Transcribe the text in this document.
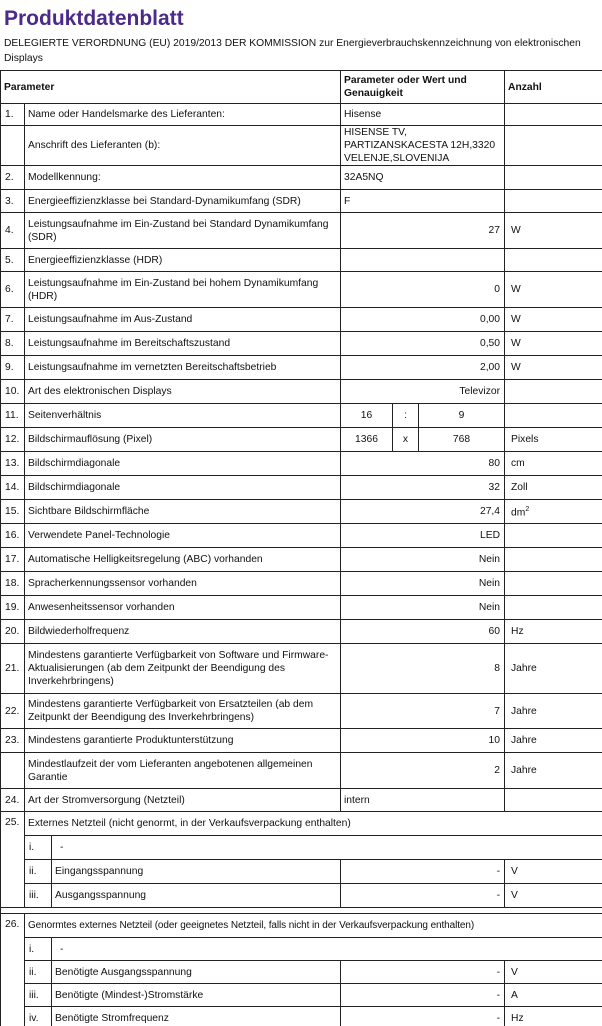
Produktdatenblatt
DELEGIERTE VERORDNUNG (EU) 2019/2013 DER KOMMISSION zur Energieverbrauchskennzeichnung von elektronischen Displays
Parameter			Parameter oder Wert und Genauigkeit			Anzahl
1.	Name oder Handelsmarke des Lieferanten:		Hisense			
	Anschrift des Lieferanten (b):		HISENSE TV, PARTIZANSKACESTA 12H,3320 VELENJE,SLOVENIJA			
2.	Modellkennung:		32A5NQ			
3.	Energieeffizienzklasse bei Standard-Dynamikumfang (SDR)		F			
4.	Leistungsaufnahme im Ein-Zustand bei Standard Dynamikumfang (SDR)		27			W
5.	Energieeffizienzklasse (HDR)					
6.	Leistungsaufnahme im Ein-Zustand bei hohem Dynamikumfang (HDR)		0			W
7.	Leistungsaufnahme im Aus-Zustand		0,00			W
8.	Leistungsaufnahme im Bereitschaftszustand		0,50			W
9.	Leistungsaufnahme im vernetzten Bereitschaftsbetrieb		2,00			W
10.	Art des elektronischen Displays		Televizor			
11.	Seitenverhältnis		16	:	9	
12.	Bildschirmauflösung (Pixel)		1366	x	768	Pixels
13.	Bildschirmdiagonale		80			cm
14.	Bildschirmdiagonale		32			Zoll
15.	Sichtbare Bildschirmfläche		27,4			$dm^2$
16.	Verwendete Panel-Technologie		LED			
17.	Automatische Helligkeitsregelung (ABC) vorhanden		Nein			
18.	Spracherkennungssensor vorhanden		Nein			
19.	Anwesenheitssensor vorhanden		Nein			
20.	Bildwiederholfrequenz		60			Hz
21.	Mindestens garantierte Verfügbarkeit von Software und Firmware-Aktualisierungen (ab dem Zeitpunkt der Beendigung des Inverkehrbringens)		8			Jahre
22.	Mindestens garantierte Verfügbarkeit von Ersatzteilen (ab dem Zeitpunkt der Beendigung des Inverkehrbringens)		7			Jahre
23.	Mindestens garantierte Produktunterstützung		10			Jahre
	Mindestlaufzeit der vom Lieferanten angebotenen allgemeinen Garantie		2			Jahre
24.	Art der Stromversorgung (Netzteil)		intern			
25.	Externes Netzteil (nicht genormt, in der Verkaufsverpackung enthalten)					
	i.	-				
	ii.	Eingangsspannung	-			V
	iii.	Ausgangsspannung	-			V

26.	Genormtes externes Netzteil (oder geeignetes Netzteil, falls nicht in der Verkaufsverpackung enthalten)					
	i.	-				
	ii.	Benötigte Ausgangsspannung	-			V
	iii.	Benötigte (Mindest-)Stromstärke	-			A
	iv.	Benötigte Stromfrequenz	-			Hz
